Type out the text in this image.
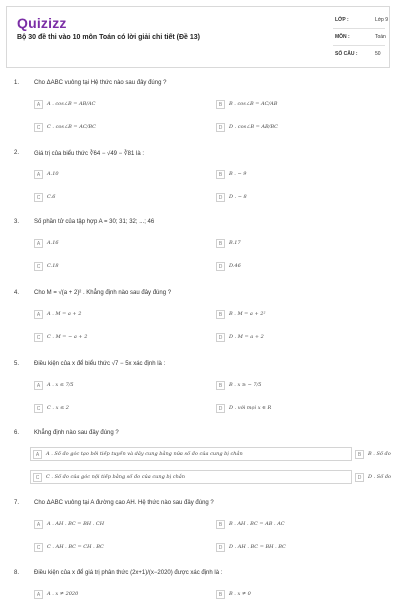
Quizizz
Bộ 30 đề thi vào 10 môn Toán có lời giải chi tiết (Đề 13)
LỚP :	Lớp 9
MÔN :	Toán
SỐ CÂU :	50
1. Cho ΔABC vuông tại Hệ thức nào sau đây đúng ?
A	A . cos∠B = AB/AC	B	B . cos∠B = AC/AB
C	C . cos∠B = AC/BC	D	D . cos∠B = AB/BC
2. Giá trị của biểu thức ∛64 − √49 − ∛81 là :
A	A.10	B	B . − 9
C	C.6	D	D . − 8
3. Số phần tử của tập hợp A = 30; 31; 32; ...; 46
A	A.16	B	B.17
C	C.18	D	D.46
4. Cho M = √(a + 2)² . Khẳng định nào sau đây đúng ?
A	A . M = a + 2	B	B . M = a + 2²
C	C . M = − a + 2	D	D . M = a + 2
5. Điều kiện của x để biểu thức √7 − 5x xác định là :
A	A . x ≤ 7/5	B	B . x ≥ − 7/5
C	C . x ≤ 2	D	D . với mọi x ∈ R
6. Khẳng định nào sau đây đúng ?
A	A . Số đo góc tạo bởi tiếp tuyến và dây cung bằng nửa số đo của cung bị chắn	B	B . Số đo
C	C . Số đo của góc nội tiếp bằng số đo của cung bị chắn	D	D . Số đo
7. Cho ΔABC vuông tại A đường cao AH. Hệ thức nào sau đây đúng ?
A	A . AH . BC = BH . CH	B	B . AH . BC = AB . AC
C	C . AH . BC = CH . BC	D	D . AH . BC = BH . BC
8. Điều kiện của x để giá trị phân thức (2x+1)/(x−2020) được xác định là :
A	A . x ≠ 2020	B	B . x ≠ 0
